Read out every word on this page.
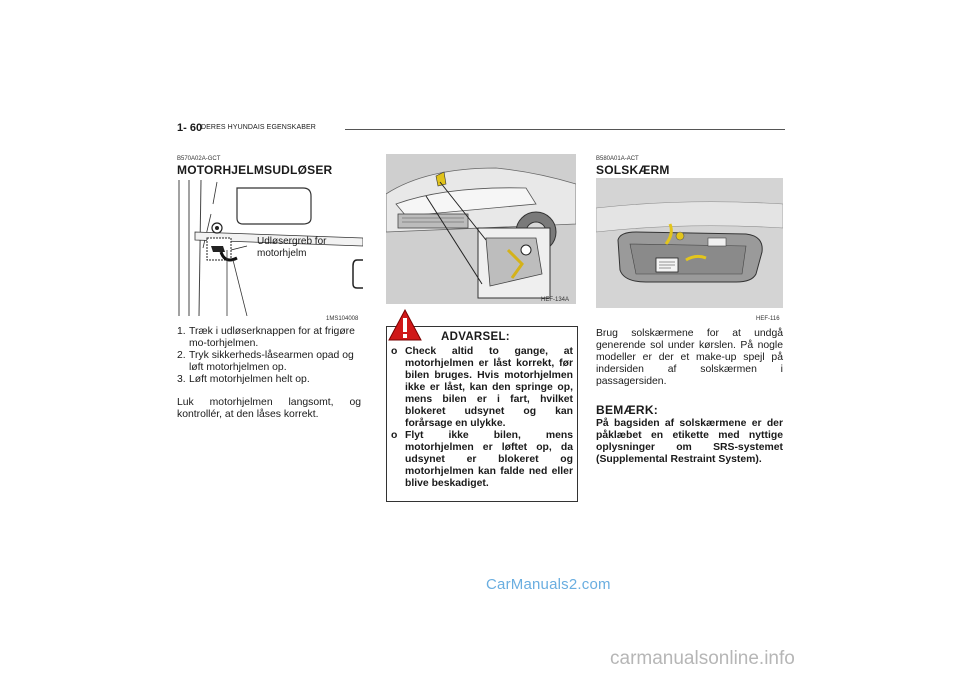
1- 60
DERES HYUNDAIS EGENSKABER
B570A02A-GCT
MOTORHJELMSUDLØSER
Udløsergreb for motorhjelm
1MS104008
1. Træk i udløserknappen for at frigøre mo-torhjelmen.
2. Tryk sikkerheds-låsearmen opad og løft motorhjelmen op.
3. Løft motorhjelmen helt op.
Luk motorhjelmen langsomt, og kontrollér, at den låses korrekt.
HEF-134A
ADVARSEL:
o Check altid to gange, at motorhjelmen er låst korrekt, før bilen bruges. Hvis motorhjelmen ikke er låst, kan den springe op, mens bilen er i fart, hvilket blokeret udsynet og kan forårsage en ulykke.
o Flyt ikke bilen, mens motorhjelmen er løftet op, da udsynet er blokeret og motorhjelmen kan falde ned eller blive beskadiget.
B580A01A-ACT
SOLSKÆRM
HEF-116
Brug solskærmene for at undgå generende sol under kørslen. På nogle modeller er der et make-up spejl på indersiden af solskærmen i passagersiden.
BEMÆRK:
På bagsiden af solskærmene er der påklæbet en etikette med nyttige oplysninger om SRS-systemet (Supplemental Restraint System).
CarManuals2.com
carmanualsonline.info
